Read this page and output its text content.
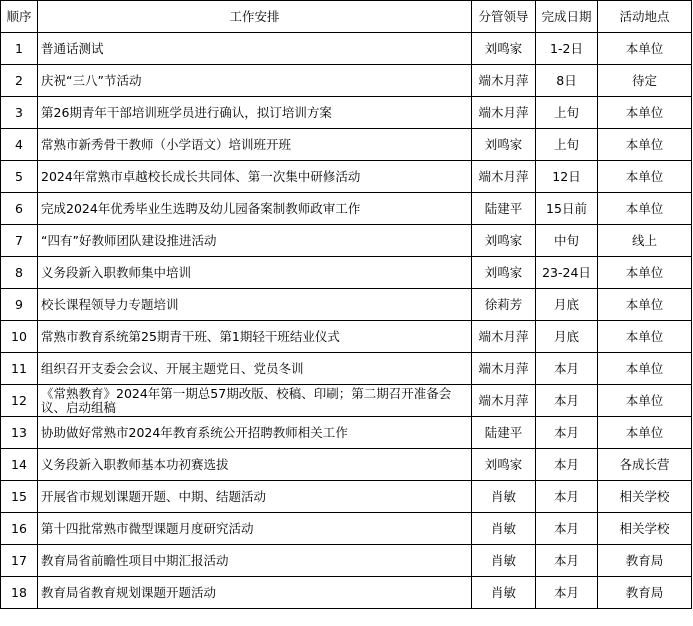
顺序	工作安排	分管领导	完成日期	活动地点
1	普通话测试	刘鸣家	1-2日	本单位
2	庆祝“三八”节活动	端木月萍	8日	待定
3	第26期青年干部培训班学员进行确认，拟订培训方案	端木月萍	上旬	本单位
4	常熟市新秀骨干教师（小学语文）培训班开班	刘鸣家	上旬	本单位
5	2024年常熟市卓越校长成长共同体、第一次集中研修活动	端木月萍	12日	本单位
6	完成2024年优秀毕业生选聘及幼儿园备案制教师政审工作	陆建平	15日前	本单位
7	“四有”好教师团队建设推进活动	刘鸣家	中旬	线上
8	义务段新入职教师集中培训	刘鸣家	23-24日	本单位
9	校长课程领导力专题培训	徐莉芳	月底	本单位
10	常熟市教育系统第25期青干班、第1期轻干班结业仪式	端木月萍	月底	本单位
11	组织召开支委会会议、开展主题党日、党员冬训	端木月萍	本月	本单位
12	《常熟教育》2024年第一期总57期改版、校稿、印刷；第二期召开准备会议、启动组稿	端木月萍	本月	本单位
13	协助做好常熟市2024年教育系统公开招聘教师相关工作	陆建平	本月	本单位
14	义务段新入职教师基本功初赛选拔	刘鸣家	本月	各成长营
15	开展省市规划课题开题、中期、结题活动	肖敏	本月	相关学校
16	第十四批常熟市微型课题月度研究活动	肖敏	本月	相关学校
17	教育局省前瞻性项目中期汇报活动	肖敏	本月	教育局
18	教育局省教育规划课题开题活动	肖敏	本月	教育局
